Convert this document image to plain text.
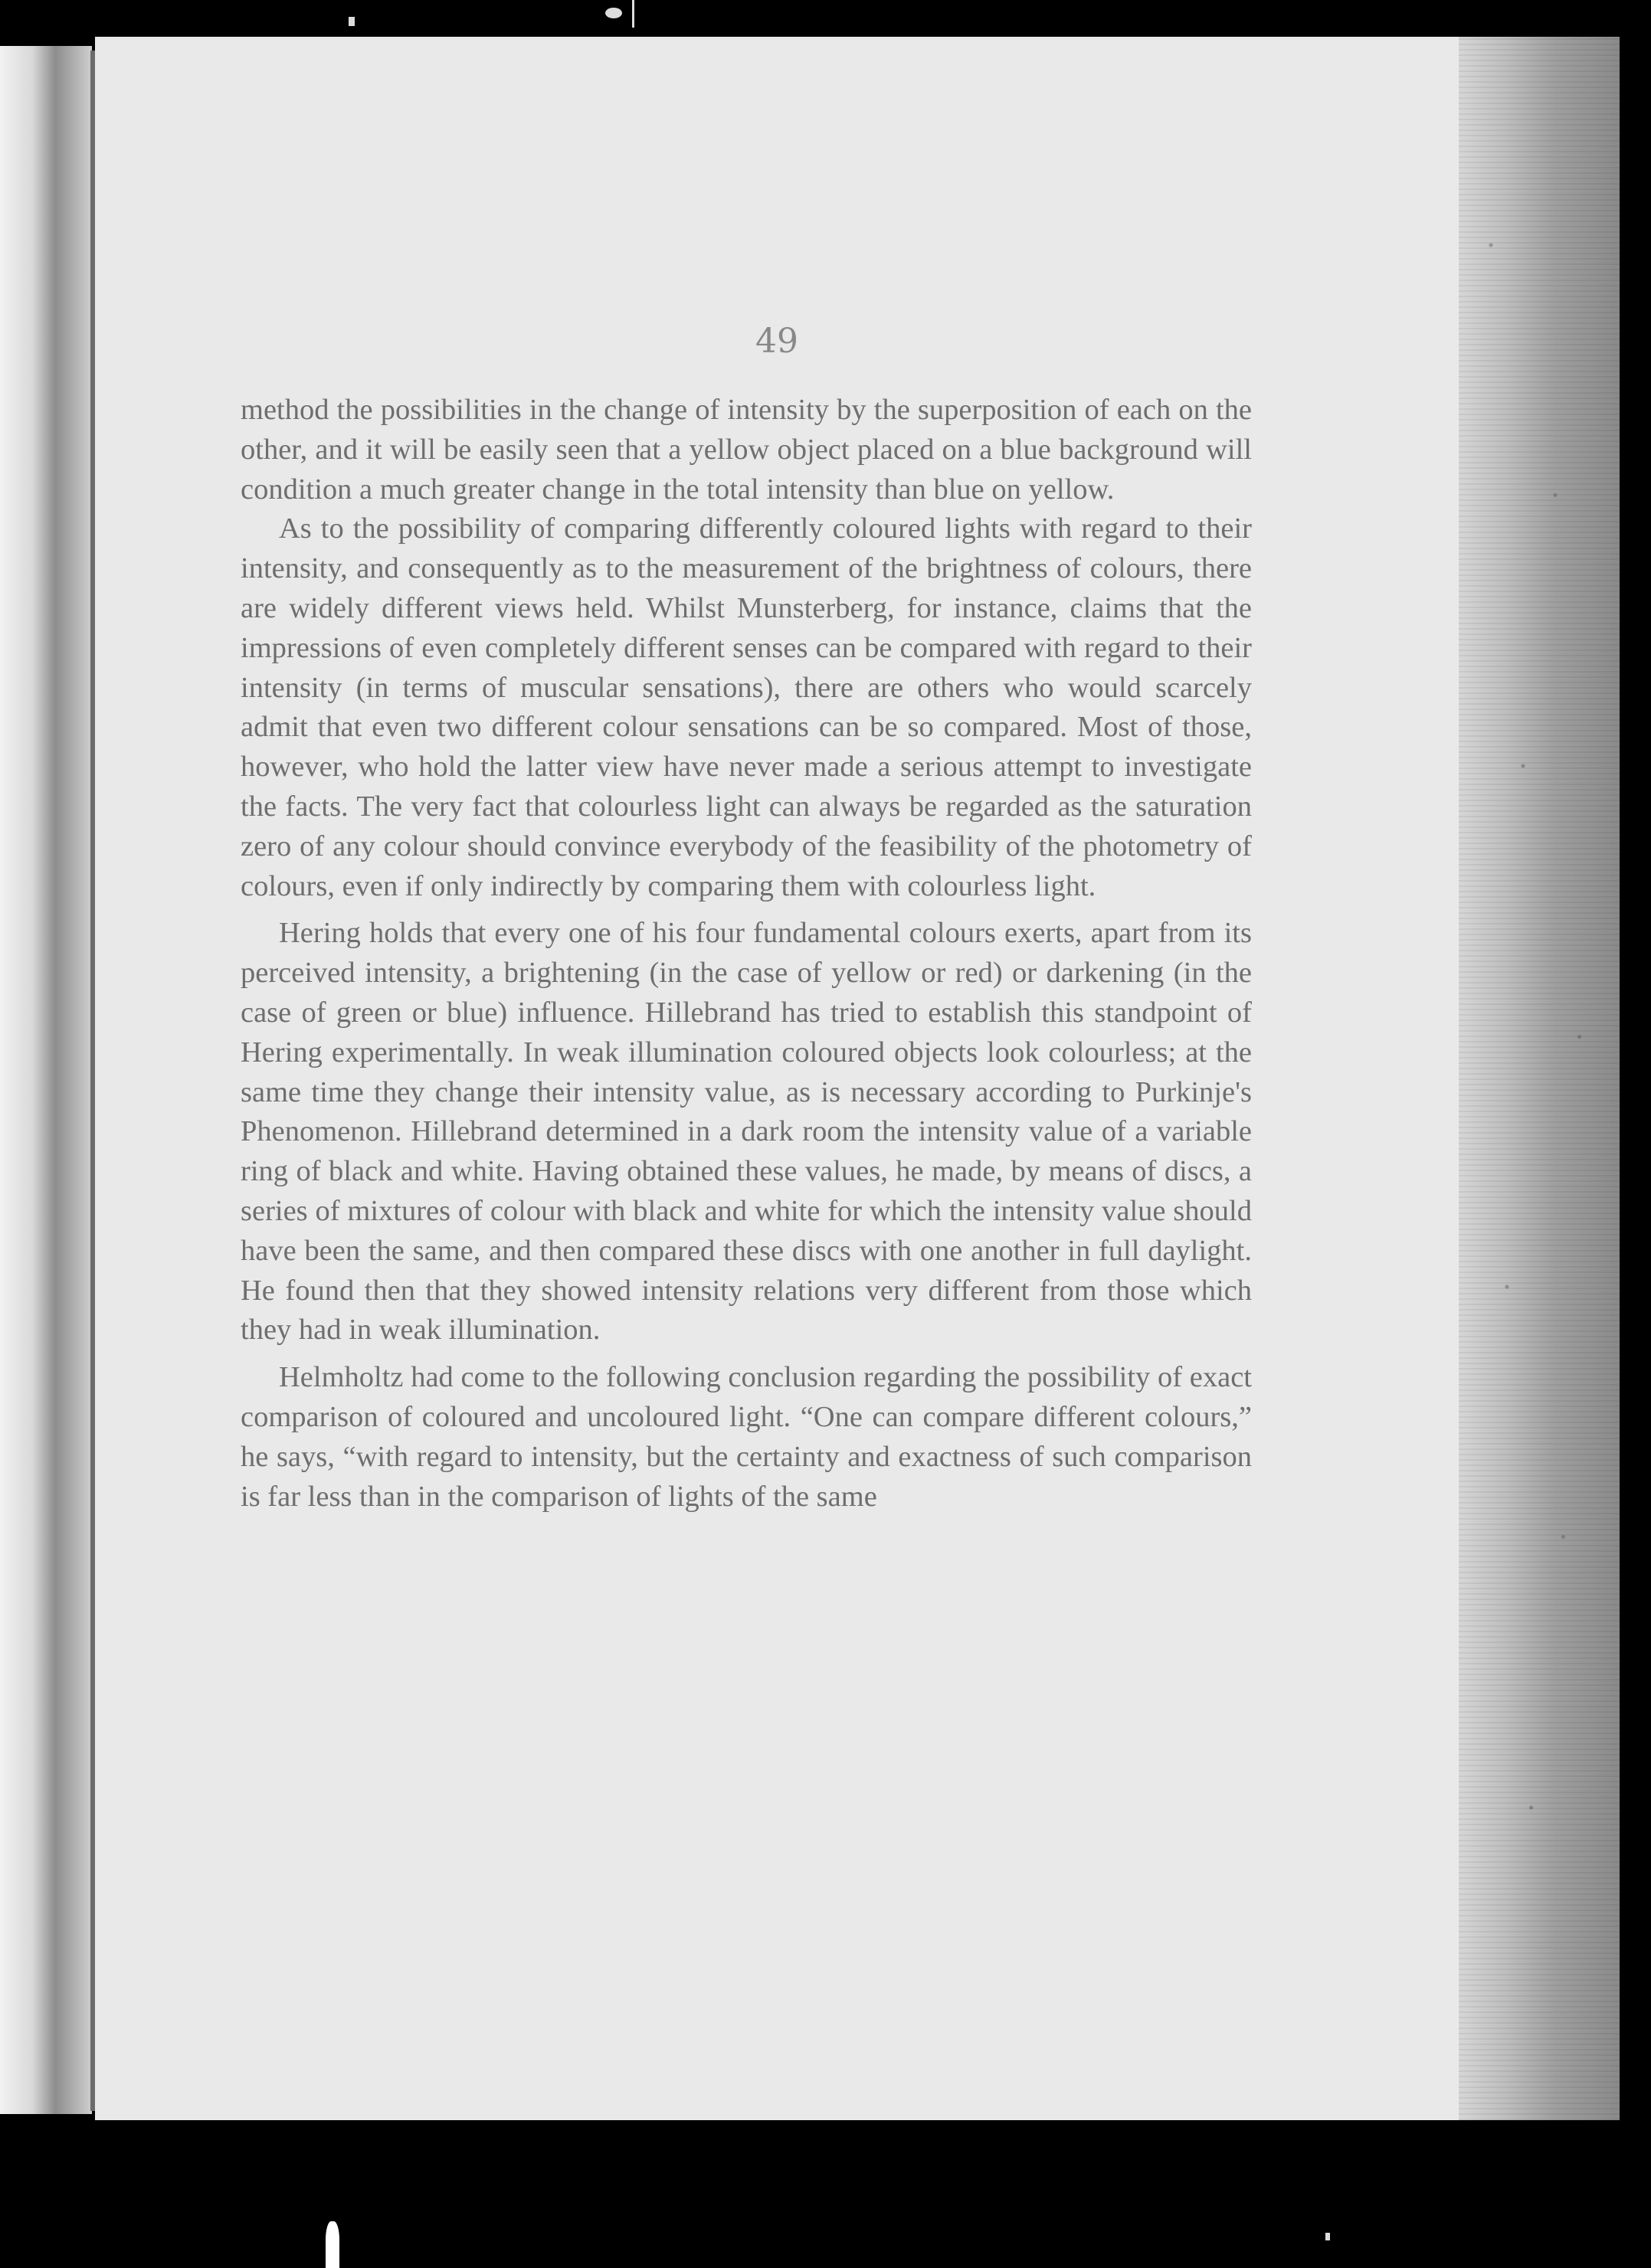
49

method the possibilities in the change of intensity by the superposition of each on the other, and it will be easily seen that a yellow object placed on a blue background will condition a much greater change in the total intensity than blue on yellow.

As to the possibility of comparing differently coloured lights with regard to their intensity, and consequently as to the measurement of the brightness of colours, there are widely different views held. Whilst Munsterberg, for instance, claims that the impressions of even completely different senses can be compared with regard to their intensity (in terms of muscular sensations), there are others who would scarcely admit that even two different colour sensations can be so compared. Most of those, however, who hold the latter view have never made a serious attempt to investigate the facts. The very fact that colourless light can always be regarded as the saturation zero of any colour should convince everybody of the feasibility of the photometry of colours, even if only indirectly by comparing them with colourless light.

Hering holds that every one of his four fundamental colours exerts, apart from its perceived intensity, a brightening (in the case of yellow or red) or darkening (in the case of green or blue) influence. Hillebrand has tried to establish this standpoint of Hering experimentally. In weak illumination coloured objects look colourless; at the same time they change their intensity value, as is necessary according to Purkinje's Phenomenon. Hillebrand determined in a dark room the intensity value of a variable ring of black and white. Having obtained these values, he made, by means of discs, a series of mixtures of colour with black and white for which the intensity value should have been the same, and then compared these discs with one another in full daylight. He found then that they showed intensity relations very different from those which they had in weak illumination.

Helmholtz had come to the following conclusion regarding the possibility of exact comparison of coloured and uncoloured light. “One can compare different colours,” he says, “with regard to intensity, but the certainty and exactness of such comparison is far less than in the comparison of lights of the same
